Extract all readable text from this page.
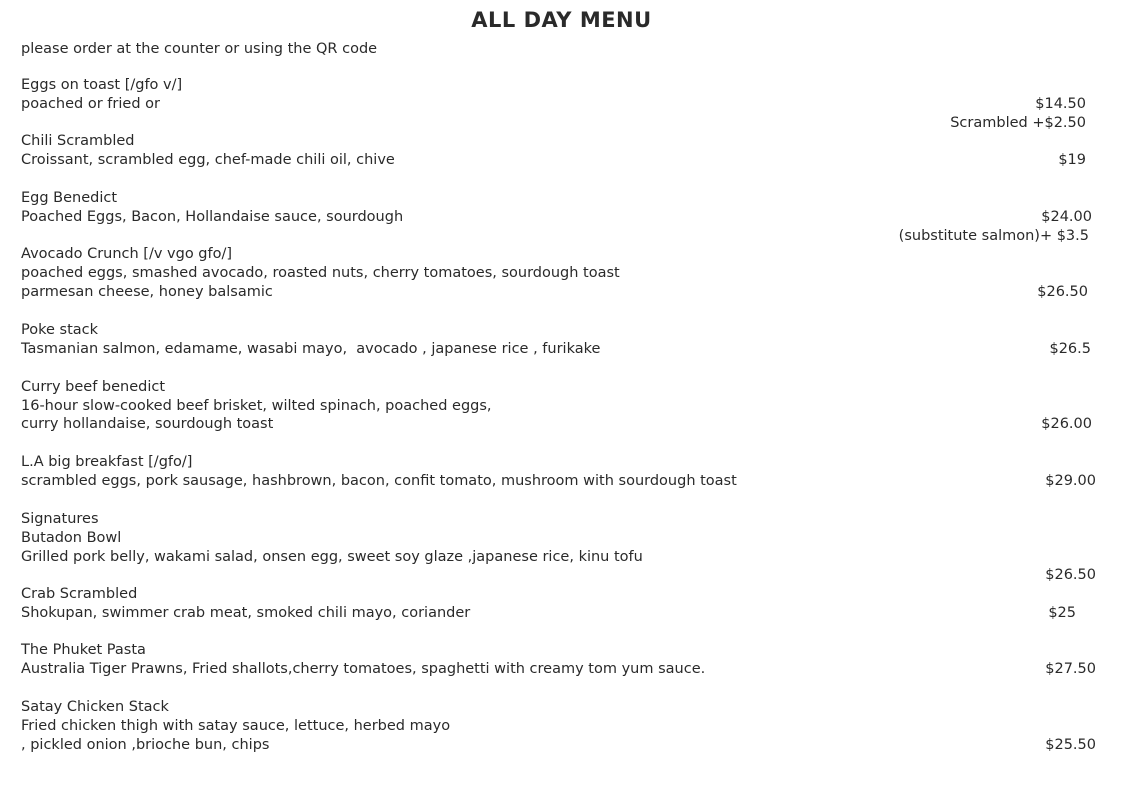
ALL DAY MENU
please order at the counter or using the QR code
Eggs on toast [/gfo v/]
poached or fried or	$14.50
Scrambled +$2.50
Chili Scrambled
Croissant, scrambled egg, chef-made chili oil, chive	$19
Egg Benedict
Poached Eggs, Bacon, Hollandaise sauce, sourdough	$24.00
(substitute salmon)+ $3.5
Avocado Crunch [/v vgo gfo/]
poached eggs, smashed avocado, roasted nuts, cherry tomatoes, sourdough toast
parmesan cheese, honey balsamic	$26.50
Poke stack
Tasmanian salmon, edamame, wasabi mayo,  avocado , japanese rice , furikake	$26.5
Curry beef benedict
16-hour slow-cooked beef brisket, wilted spinach, poached eggs,
curry hollandaise, sourdough toast	$26.00
L.A big breakfast [/gfo/]
scrambled eggs, pork sausage, hashbrown, bacon, confit tomato, mushroom with sourdough toast	$29.00
Signatures
Butadon Bowl
Grilled pork belly, wakami salad, onsen egg, sweet soy glaze ,japanese rice, kinu tofu
$26.50
Crab Scrambled
Shokupan, swimmer crab meat, smoked chili mayo, coriander	$25
The Phuket Pasta
Australia Tiger Prawns, Fried shallots,cherry tomatoes, spaghetti with creamy tom yum sauce.	$27.50
Satay Chicken Stack
Fried chicken thigh with satay sauce, lettuce, herbed mayo
, pickled onion ,brioche bun, chips	$25.50
